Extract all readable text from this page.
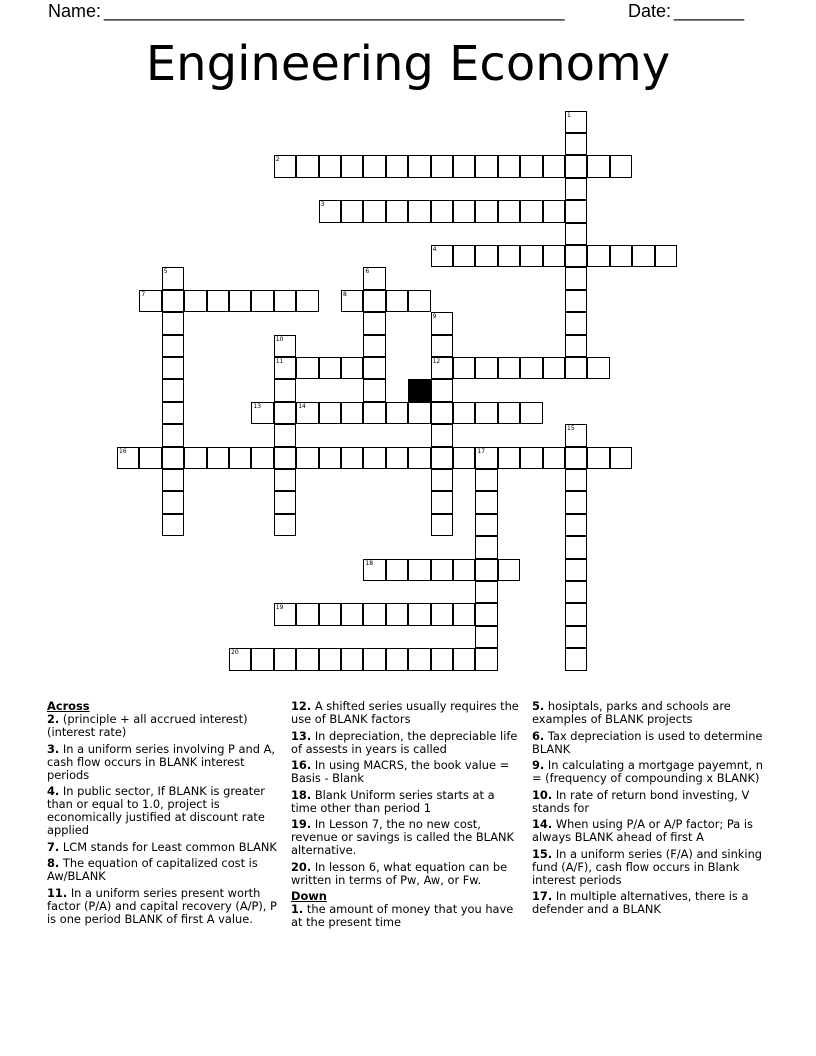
Name: ______________________________________________	Date: _______
Engineering Economy
1
2
3
4
5	6
7	8
9
12
10
11
13	14
15
16	17
18
19
20
Across
2. (principle + all accrued interest)(interest rate)
3. In a uniform series involving P and A, cash flow occurs in BLANK interest periods
4. In public sector, If BLANK is greater than or equal to 1.0, project is economically justified at discount rate applied
7. LCM stands for Least common BLANK
8. The equation of capitalized cost is Aw/BLANK
11. In a uniform series present worth factor (P/A) and capital recovery (A/P), P is one period BLANK of first A value.
12. A shifted series usually requires the use of BLANK factors
13. In depreciation, the depreciable life of assests in years is called
16. In using MACRS, the book value = Basis - Blank
18. Blank Uniform series starts at a time other than period 1
19. In Lesson 7, the no new cost, revenue or savings is called the BLANK alternative.
20. In lesson 6, what equation can be written in terms of Pw, Aw, or Fw.
Down
1. the amount of money that you have at the present time
5. hosiptals, parks and schools are examples of BLANK projects
6. Tax depreciation is used to determine BLANK
9. In calculating a mortgage payemnt, n = (frequency of compounding x BLANK)
10. In rate of return bond investing, V stands for
14. When using P/A or A/P factor; Pa is always BLANK ahead of first A
15. In a uniform series (F/A) and sinking fund (A/F), cash flow occurs in Blank interest periods
17. In multiple alternatives, there is a defender and a BLANK
